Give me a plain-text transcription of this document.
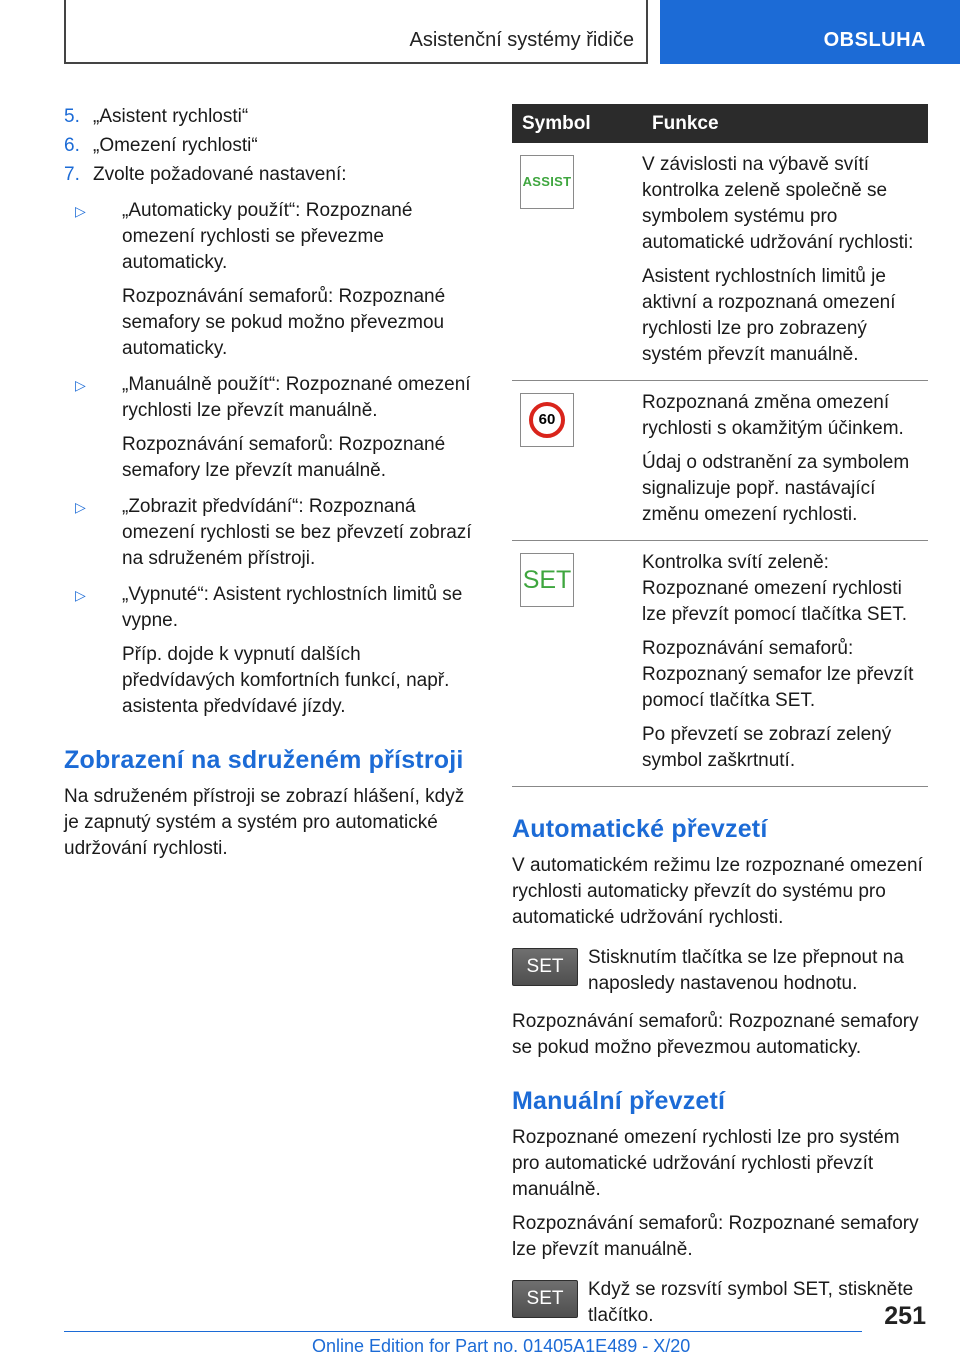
Asistenční systémy řidiče	OBSLUHA
5. „Asistent rychlosti“
6. „Omezení rychlosti“
7. Zvolte požadované nastavení:
▷	„Automaticky použít“: Rozpoznané omezení rychlosti se převezme automaticky.

Rozpoznávání semaforů: Rozpoznané semafory se pokud možno převezmou automaticky.

▷	„Manuálně použít“: Rozpoznané omezení rychlosti lze převzít manuálně.

Rozpoznávání semaforů: Rozpoznané semafory lze převzít manuálně.

▷	„Zobrazit předvídání“: Rozpoznaná omezení rychlosti se bez převzetí zobrazí na sdruženém přístroji.

▷	„Vypnuté“: Asistent rychlostních limitů se vypne.

Příp. dojde k vypnutí dalších předvídavých komfortních funkcí, např. asistenta předvídavé jízdy.

Zobrazení na sdruženém přístroji

Na sdruženém přístroji se zobrazí hlášení, když je zapnutý systém a systém pro automatické udržování rychlosti.

Symbol	Funkce

ASSIST	V závislosti na výbavě svítí kontrolka zeleně společně se symbolem systému pro automatické udržování rychlosti:

Asistent rychlostních limitů je aktivní a rozpoznaná omezení rychlosti lze pro zobrazený systém převzít manuálně.

60	Rozpoznaná změna omezení rychlosti s okamžitým účinkem.

Údaj o odstranění za symbolem signalizuje popř. nastávající změnu omezení rychlosti.

SET	Kontrolka svítí zeleně: Rozpoznané omezení rychlosti lze převzít pomocí tlačítka SET.

Rozpoznávání semaforů: Rozpoznaný semafor lze převzít pomocí tlačítka SET.

Po převzetí se zobrazí zelený symbol zaškrtnutí.

Automatické převzetí

V automatickém režimu lze rozpoznané omezení rychlosti automaticky převzít do systému pro automatické udržování rychlosti.

SET	Stisknutím tlačítka se lze přepnout na naposledy nastavenou hodnotu.

Rozpoznávání semaforů: Rozpoznané semafory se pokud možno převezmou automaticky.

Manuální převzetí

Rozpoznané omezení rychlosti lze pro systém pro automatické udržování rychlosti převzít manuálně.

Rozpoznávání semaforů: Rozpoznané semafory lze převzít manuálně.

SET	Když se rozsvítí symbol SET, stiskněte tlačítko.	251
Online Edition for Part no. 01405A1E489 - X/20
